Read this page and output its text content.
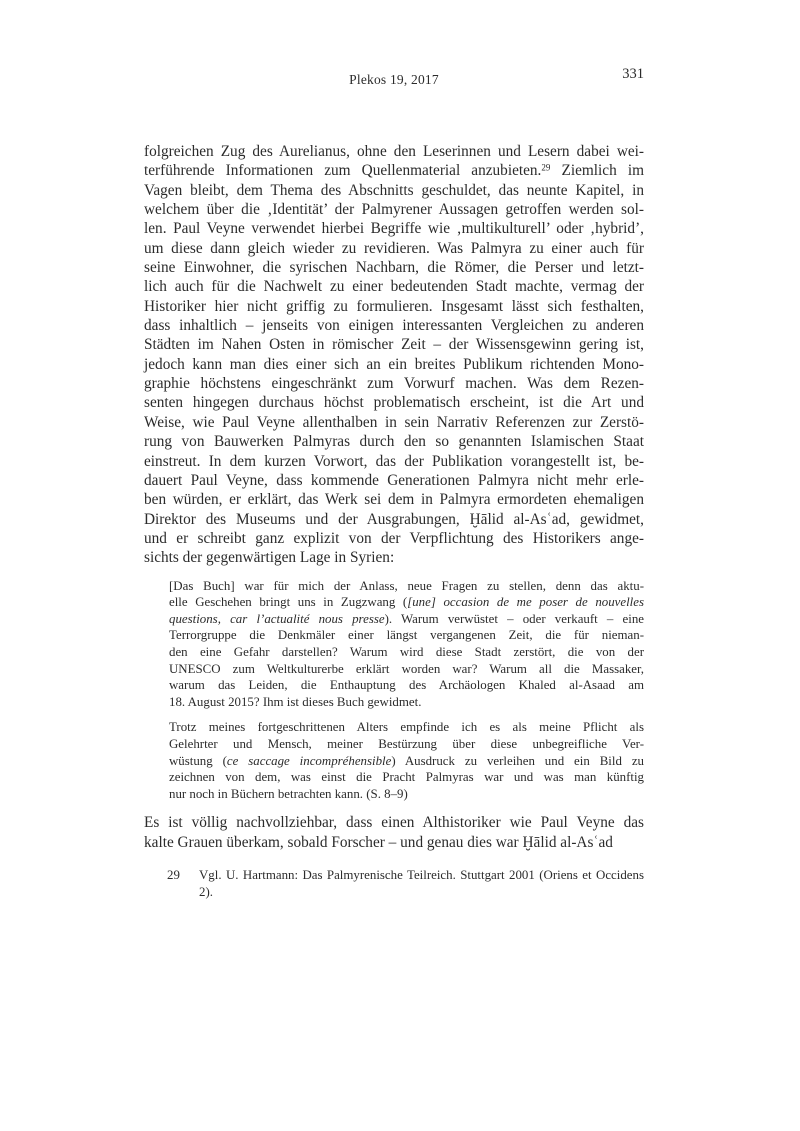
Plekos 19, 2017	331
folgreichen Zug des Aurelianus, ohne den Leserinnen und Lesern dabei wei-
terführende Informationen zum Quellenmaterial anzubieten.$^{29}$ Ziemlich im
Vagen bleibt, dem Thema des Abschnitts geschuldet, das neunte Kapitel, in
welchem über die ‚Identität’ der Palmyrener Aussagen getroffen werden sol-
len. Paul Veyne verwendet hierbei Begriffe wie ‚multikulturell’ oder ‚hybrid’,
um diese dann gleich wieder zu revidieren. Was Palmyra zu einer auch für
seine Einwohner, die syrischen Nachbarn, die Römer, die Perser und letzt-
lich auch für die Nachwelt zu einer bedeutenden Stadt machte, vermag der
Historiker hier nicht griffig zu formulieren. Insgesamt lässt sich festhalten,
dass inhaltlich – jenseits von einigen interessanten Vergleichen zu anderen
Städten im Nahen Osten in römischer Zeit – der Wissensgewinn gering ist,
jedoch kann man dies einer sich an ein breites Publikum richtenden Mono-
graphie höchstens eingeschränkt zum Vorwurf machen. Was dem Rezen-
senten hingegen durchaus höchst problematisch erscheint, ist die Art und
Weise, wie Paul Veyne allenthalben in sein Narrativ Referenzen zur Zerstö-
rung von Bauwerken Palmyras durch den so genannten Islamischen Staat
einstreut. In dem kurzen Vorwort, das der Publikation vorangestellt ist, be-
dauert Paul Veyne, dass kommende Generationen Palmyra nicht mehr erle-
ben würden, er erklärt, das Werk sei dem in Palmyra ermordeten ehemaligen
Direktor des Museums und der Ausgrabungen, Ḫālid al-Asʿad, gewidmet,
und er schreibt ganz explizit von der Verpflichtung des Historikers ange-
sichts der gegenwärtigen Lage in Syrien:
[Das Buch] war für mich der Anlass, neue Fragen zu stellen, denn das aktu-
elle Geschehen bringt uns in Zugzwang ([une] occasion de me poser de nouvelles
questions, car l’actualité nous presse). Warum verwüstet – oder verkauft – eine
Terrorgruppe die Denkmäler einer längst vergangenen Zeit, die für nieman-
den eine Gefahr darstellen? Warum wird diese Stadt zerstört, die von der
UNESCO zum Weltkulturerbe erklärt worden war? Warum all die Massaker,
warum das Leiden, die Enthauptung des Archäologen Khaled al-Asaad am
18. August 2015? Ihm ist dieses Buch gewidmet.
Trotz meines fortgeschrittenen Alters empfinde ich es als meine Pflicht als
Gelehrter und Mensch, meiner Bestürzung über diese unbegreifliche Ver-
wüstung (ce saccage incompréhensible) Ausdruck zu verleihen und ein Bild zu
zeichnen von dem, was einst die Pracht Palmyras war und was man künftig
nur noch in Büchern betrachten kann. (S. 8–9)
Es ist völlig nachvollziehbar, dass einen Althistoriker wie Paul Veyne das
kalte Grauen überkam, sobald Forscher – und genau dies war Ḫālid al-Asʿad
29 Vgl. U. Hartmann: Das Palmyrenische Teilreich. Stuttgart 2001 (Oriens et Occidens
2).
